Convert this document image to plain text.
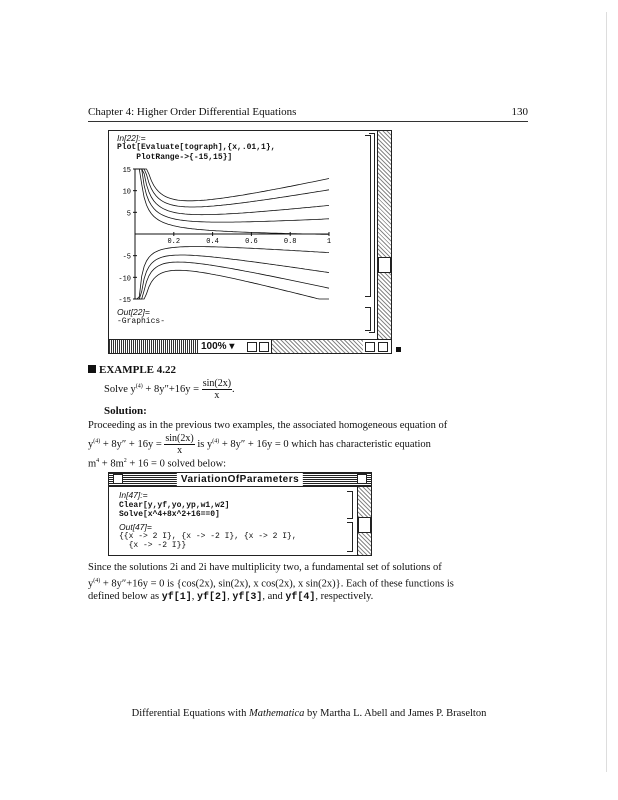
Chapter 4: Higher Order Differential Equations	130
In[22]:=
Plot[Evaluate[tograph],{x,.01,1},
PlotRange->{-15,15}]
0.2	0.4	0.6	0.8	1
15
10
5
-5
-10
-15
Out[22]=
-Graphics-
100% ▾
EXAMPLE 4.22
Solve $y^{(4)} + 8y''+16y = \frac{\sin(2x)}{x}$ .
Solution:
Proceeding as in the previous two examples, the associated homogeneous equation of
$y^{(4)} + 8y'' + 16y = \frac{\sin(2x)}{x}$ is $y^{(4)} + 8y'' + 16y = 0$ which has characteristic equation
$m^4 + 8m^2 + 16 = 0$ solved below:
VariationOfParameters
In[47]:=
Clear[y,yf,yo,yp,w1,w2]
Solve[x^4+8x^2+16==0]
Out[47]=
{{x -> 2 I}, {x -> -2 I}, {x -> 2 I},
{x -> -2 I}}
Since the solutions 2i and 2i have multiplicity two, a fundamental set of solutions of
$y^{(4)} + 8y''+16y = 0$ is {cos(2x), sin(2x), x cos(2x), x sin(2x)}. Each of these functions is
defined below as yf[1], yf[2], yf[3], and yf[4], respectively.
Differential Equations with Mathematica by Martha L. Abell and James P. Braselton
